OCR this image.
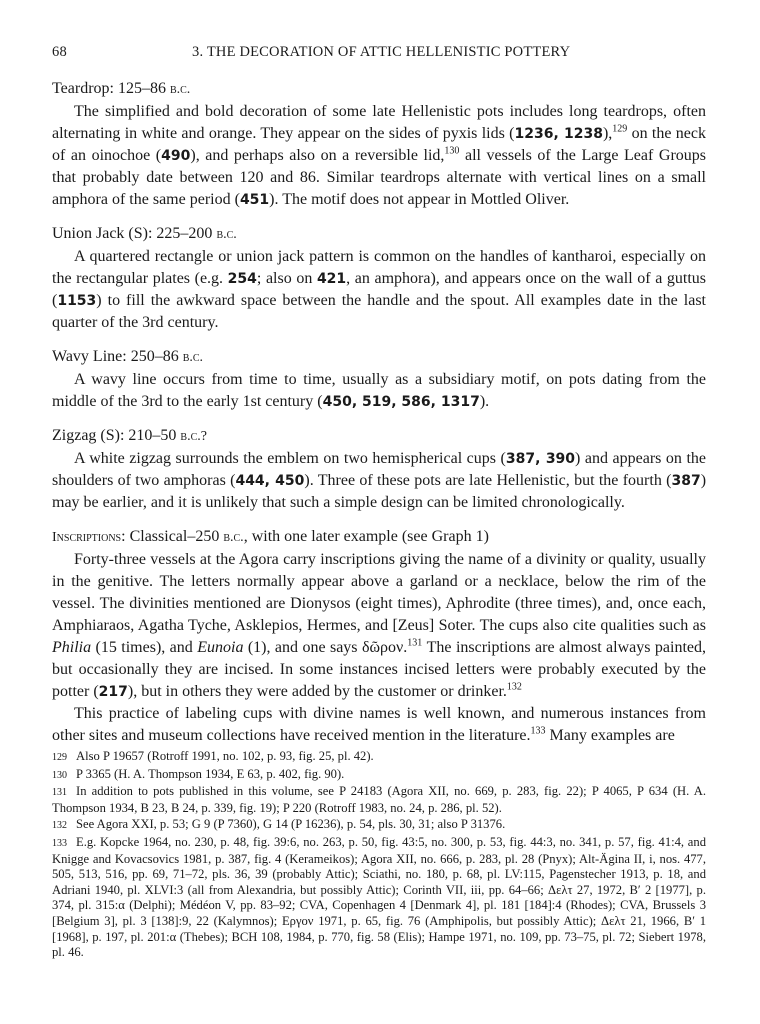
68	3. THE DECORATION OF ATTIC HELLENISTIC POTTERY
Teardrop: 125–86 b.c.

The simplified and bold decoration of some late Hellenistic pots includes long teardrops, often alternating in white and orange. They appear on the sides of pyxis lids (1236, 1238),$^{129}$ on the neck of an oinochoe (490), and perhaps also on a reversible lid,$^{130}$ all vessels of the Large Leaf Groups that probably date between 120 and 86. Similar teardrops alternate with vertical lines on a small amphora of the same period (451). The motif does not appear in Mottled Oliver.

Union Jack (S): 225–200 b.c.

A quartered rectangle or union jack pattern is common on the handles of kantharoi, especially on the rectangular plates (e.g. 254; also on 421, an amphora), and appears once on the wall of a guttus (1153) to fill the awkward space between the handle and the spout. All examples date in the last quarter of the 3rd century.

Wavy Line: 250–86 b.c.

A wavy line occurs from time to time, usually as a subsidiary motif, on pots dating from the middle of the 3rd to the early 1st century (450, 519, 586, 1317).

Zigzag (S): 210–50 b.c.?

A white zigzag surrounds the emblem on two hemispherical cups (387, 390) and appears on the shoulders of two amphoras (444, 450). Three of these pots are late Hellenistic, but the fourth (387) may be earlier, and it is unlikely that such a simple design can be limited chronologically.

Inscriptions: Classical–250 b.c., with one later example (see Graph 1)

Forty-three vessels at the Agora carry inscriptions giving the name of a divinity or quality, usually in the genitive. The letters normally appear above a garland or a necklace, below the rim of the vessel. The divinities mentioned are Dionysos (eight times), Aphrodite (three times), and, once each, Amphiaraos, Agatha Tyche, Asklepios, Hermes, and [Zeus] Soter. The cups also cite qualities such as Philia (15 times), and Eunoia (1), and one says δῶρον.$^{131}$ The inscriptions are almost always painted, but occasionally they are incised. In some instances incised letters were probably executed by the potter (217), but in others they were added by the customer or drinker.$^{132}$

This practice of labeling cups with divine names is well known, and numerous instances from other sites and museum collections have received mention in the literature.$^{133}$ Many examples are

129 Also P 19657 (Rotroff 1991, no. 102, p. 93, fig. 25, pl. 42).
130 P 3365 (H. A. Thompson 1934, E 63, p. 402, fig. 90).
131 In addition to pots published in this volume, see P 24183 (Agora XII, no. 669, p. 283, fig. 22); P 4065, P 634 (H. A. Thompson 1934, B 23, B 24, p. 339, fig. 19); P 220 (Rotroff 1983, no. 24, p. 286, pl. 52).
132 See Agora XXI, p. 53; G 9 (P 7360), G 14 (P 16236), p. 54, pls. 30, 31; also P 31376.
133 E.g. Kopcke 1964, no. 230, p. 48, fig. 39:6, no. 263, p. 50, fig. 43:5, no. 300, p. 53, fig. 44:3, no. 341, p. 57, fig. 41:4, and Knigge and Kovacsovics 1981, p. 387, fig. 4 (Kerameikos); Agora XII, no. 666, p. 283, pl. 28 (Pnyx); Alt-Ägina II, i, nos. 477, 505, 513, 516, pp. 69, 71–72, pls. 36, 39 (probably Attic); Sciathi, no. 180, p. 68, pl. LV:115, Pagenstecher 1913, p. 18, and Adriani 1940, pl. XLVI:3 (all from Alexandria, but possibly Attic); Corinth VII, iii, pp. 64–66; Δελτ 27, 1972, B′ 2 [1977], p. 374, pl. 315:α (Delphi); Médéon V, pp. 83–92; CVA, Copenhagen 4 [Denmark 4], pl. 181 [184]:4 (Rhodes); CVA, Brussels 3 [Belgium 3], pl. 3 [138]:9, 22 (Kalymnos); Εργον 1971, p. 65, fig. 76 (Amphipolis, but possibly Attic); Δελτ 21, 1966, B′ 1 [1968], p. 197, pl. 201:α (Thebes); BCH 108, 1984, p. 770, fig. 58 (Elis); Hampe 1971, no. 109, pp. 73–75, pl. 72; Siebert 1978, pl. 46.
